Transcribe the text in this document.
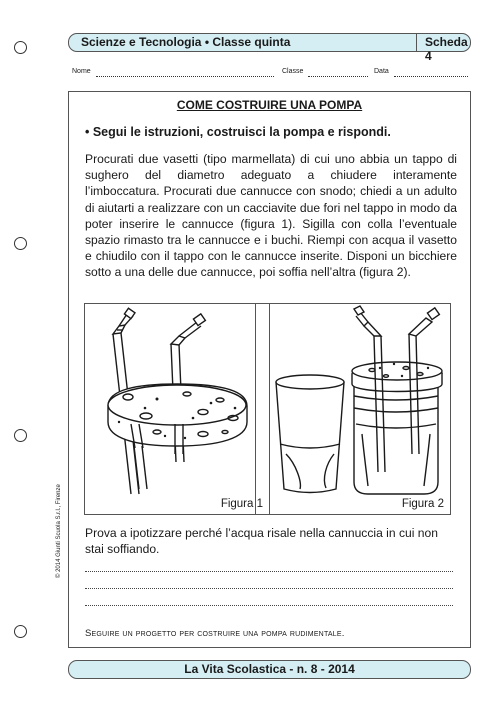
Scienze e Tecnologia • Classe quinta	Scheda 4
Nome	Classe	Data
© 2014 Giunti Scuola S.r.l., Firenze
COME COSTRUIRE UNA POMPA
• Segui le istruzioni, costruisci la pompa e rispondi.
Procurati due vasetti (tipo marmellata) di cui uno abbia un tappo di sughero del diametro adeguato a chiudere interamente l’imboccatura. Procurati due cannucce con snodo; chiedi a un adulto di aiutarti a realizzare con un cacciavite due fori nel tappo in modo da poter inserire le cannucce (figura 1). Sigilla con colla l’eventuale spazio rimasto tra le cannucce e i buchi. Riempi con acqua il vasetto e chiudilo con il tappo con le cannucce inserite. Disponi un bicchiere sotto a una delle due cannucce, poi soffia nell’altra (figura 2).
Figura 1	Figura 2
Prova a ipotizzare perché l’acqua risale nella cannuccia in cui non stai soffiando.
Seguire un progetto per costruire una pompa rudimentale.
La Vita Scolastica - n. 8 - 2014
